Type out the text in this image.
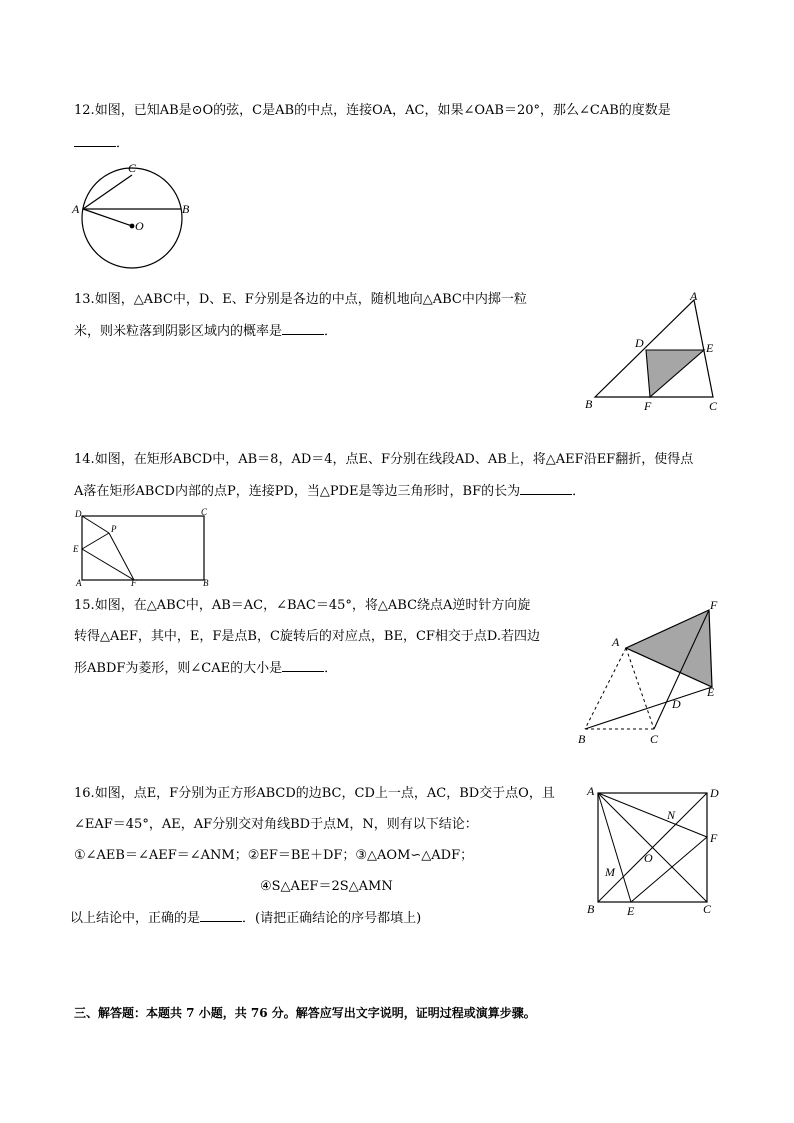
12.如图，已知AB是⊙O的弦，C是AB的中点，连接OA，AC，如果∠OAB＝20°，那么∠CAB的度数是
．
A	B
C
O
13.如图，△ABC中，D、E、F分别是各边的中点，随机地向△ABC中内掷一粒
米，则米粒落到阴影区域内的概率是	．
A
B	C
D	E
F
14.如图，在矩形ABCD中，AB＝8，AD＝4，点E、F分别在线段AD、AB上，将△AEF沿EF翻折，使得点
A落在矩形ABCD内部的点P，连接PD，当△PDE是等边三角形时，BF的长为	．
D	C
E
P
A	F	B
15.如图，在△ABC中，AB＝AC，∠BAC＝45°，将△ABC绕点A逆时针方向旋
转得△AEF，其中，E，F是点B，C旋转后的对应点，BE，CF相交于点D.若四边
形ABDF为菱形，则∠CAE的大小是	．
A
F
E
D
B	C
16.如图，点E，F分别为正方形ABCD的边BC，CD上一点，AC，BD交于点O，且
∠EAF＝45°，AE，AF分别交对角线BD于点M，N，则有以下结论：
①∠AEB＝∠AEF＝∠ANM；②EF＝BE＋DF；③△AOM∽△ADF；
④S△AEF＝2S△AMN
以上结论中，正确的是	．(请把正确结论的序号都填上)
A	D
F
N
O
M
B	E	C
三、解答题：本题共 7 小题，共 76 分。解答应写出文字说明，证明过程或演算步骤。
